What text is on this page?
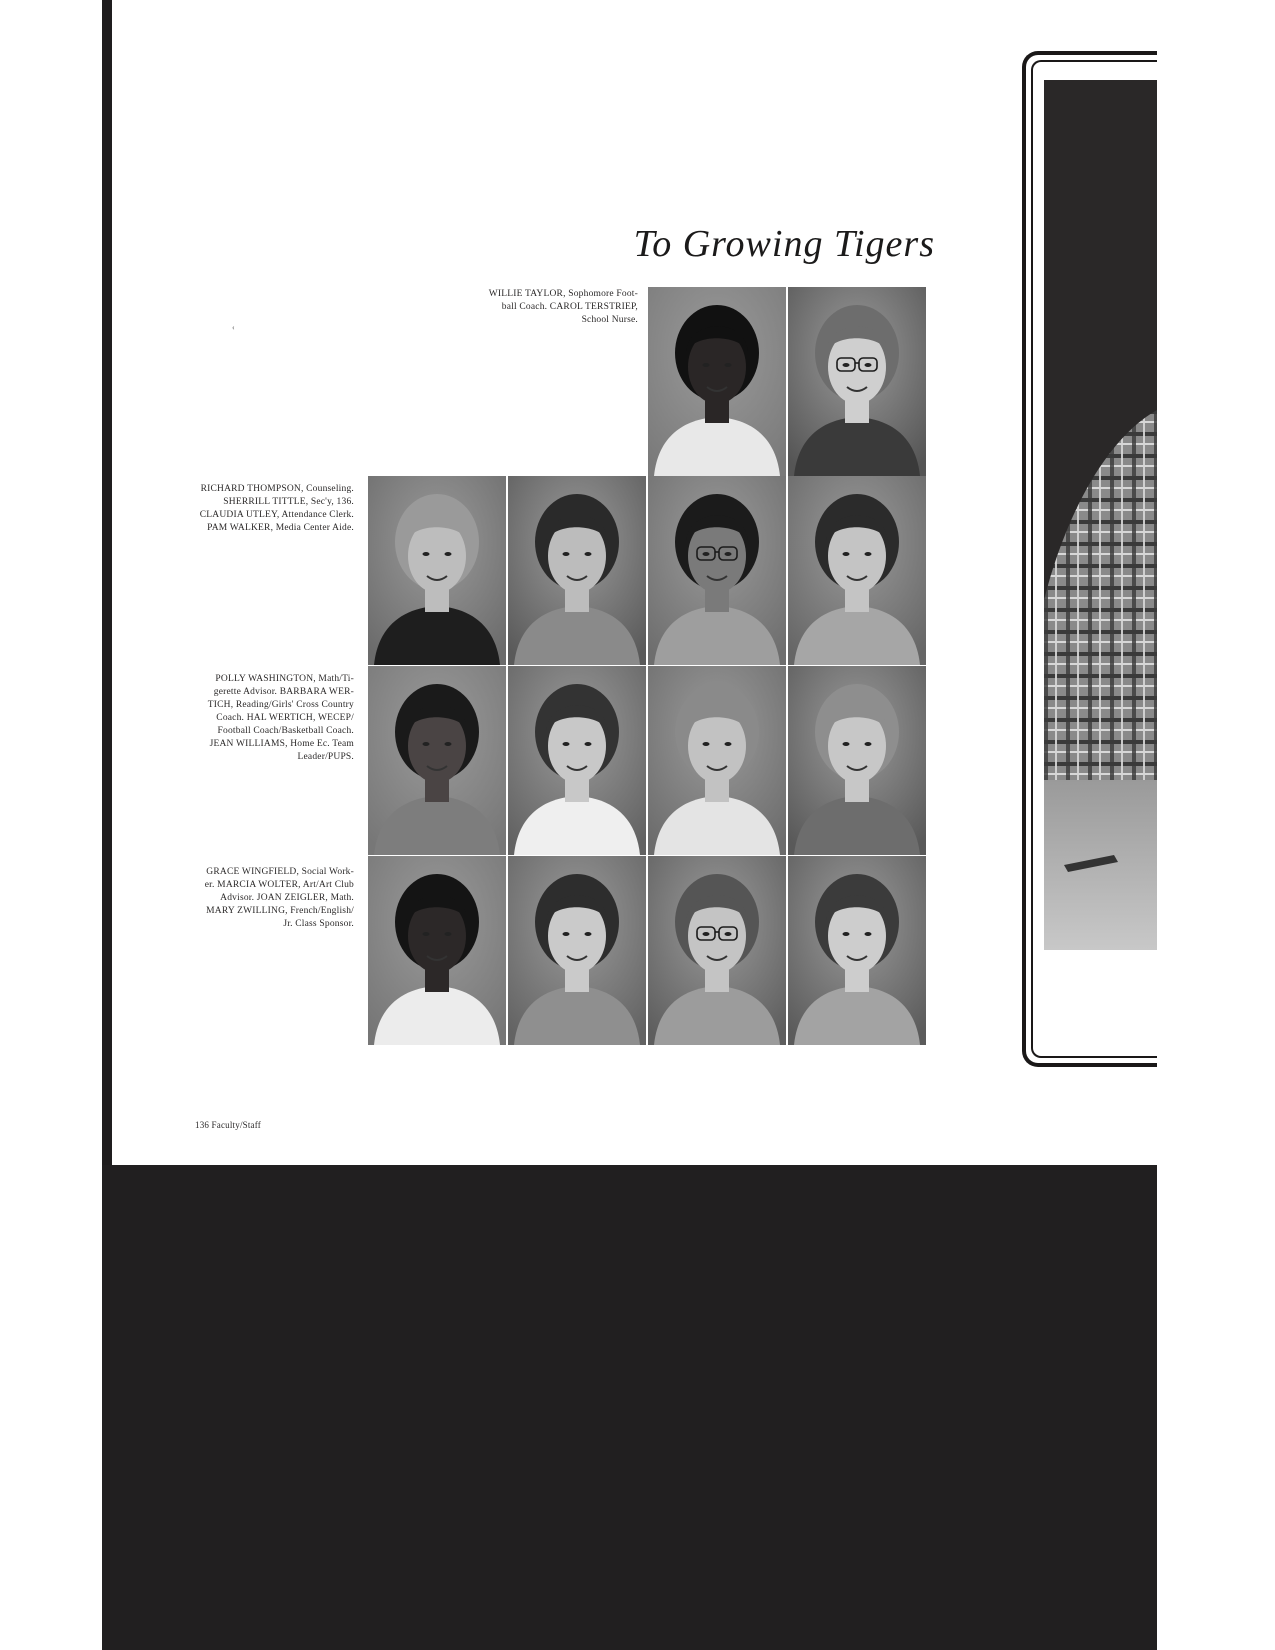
To Growing Tigers
WILLIE TAYLOR, Sophomore Foot-
ball Coach. CAROL TERSTRIEP,
School Nurse.
RICHARD THOMPSON, Counseling.
SHERRILL TITTLE, Sec'y, 136.
CLAUDIA UTLEY, Attendance Clerk.
PAM WALKER, Media Center Aide.
POLLY WASHINGTON, Math/Ti-
gerette Advisor. BARBARA WER-
TICH, Reading/Girls' Cross Country
Coach. HAL WERTICH, WECEP/
Football Coach/Basketball Coach.
JEAN WILLIAMS, Home Ec. Team
Leader/PUPS.
GRACE WINGFIELD, Social Work-
er. MARCIA WOLTER, Art/Art Club
Advisor. JOAN ZEIGLER, Math.
MARY ZWILLING, French/English/
Jr. Class Sponsor.
‹
136 Faculty/Staff
